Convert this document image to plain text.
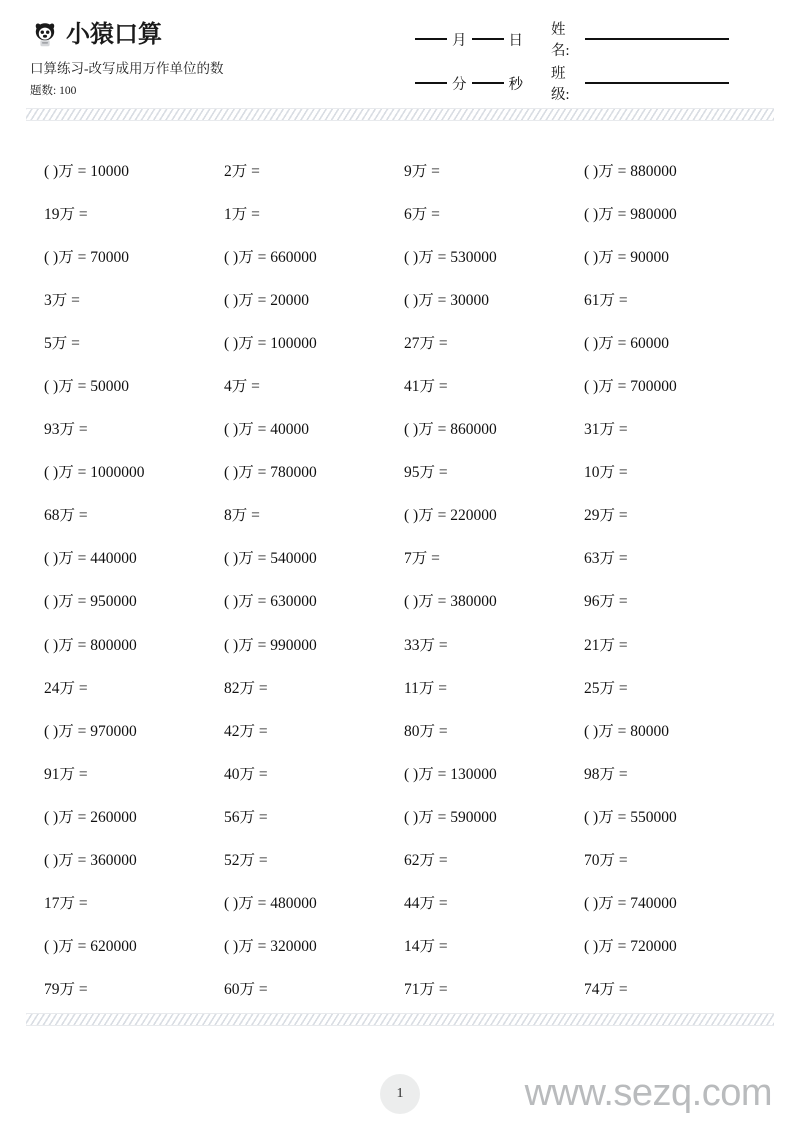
小猿口算
口算练习-改写成用万作单位的数
题数: 100
月	日
姓名:
分	秒
班级:
( )万 = 10000	2万 =	9万 =	( )万 = 880000
19万 =	1万 =	6万 =	( )万 = 980000
( )万 = 70000	( )万 = 660000	( )万 = 530000	( )万 = 90000
3万 =	( )万 = 20000	( )万 = 30000	61万 =
5万 =	( )万 = 100000	27万 =	( )万 = 60000
( )万 = 50000	4万 =	41万 =	( )万 = 700000
93万 =	( )万 = 40000	( )万 = 860000	31万 =
( )万 = 1000000	( )万 = 780000	95万 =	10万 =
68万 =	8万 =	( )万 = 220000	29万 =
( )万 = 440000	( )万 = 540000	7万 =	63万 =
( )万 = 950000	( )万 = 630000	( )万 = 380000	96万 =
( )万 = 800000	( )万 = 990000	33万 =	21万 =
24万 =	82万 =	11万 =	25万 =
( )万 = 970000	42万 =	80万 =	( )万 = 80000
91万 =	40万 =	( )万 = 130000	98万 =
( )万 = 260000	56万 =	( )万 = 590000	( )万 = 550000
( )万 = 360000	52万 =	62万 =	70万 =
17万 =	( )万 = 480000	44万 =	( )万 = 740000
( )万 = 620000	( )万 = 320000	14万 =	( )万 = 720000
79万 =	60万 =	71万 =	74万 =
1	www.sezq.com
